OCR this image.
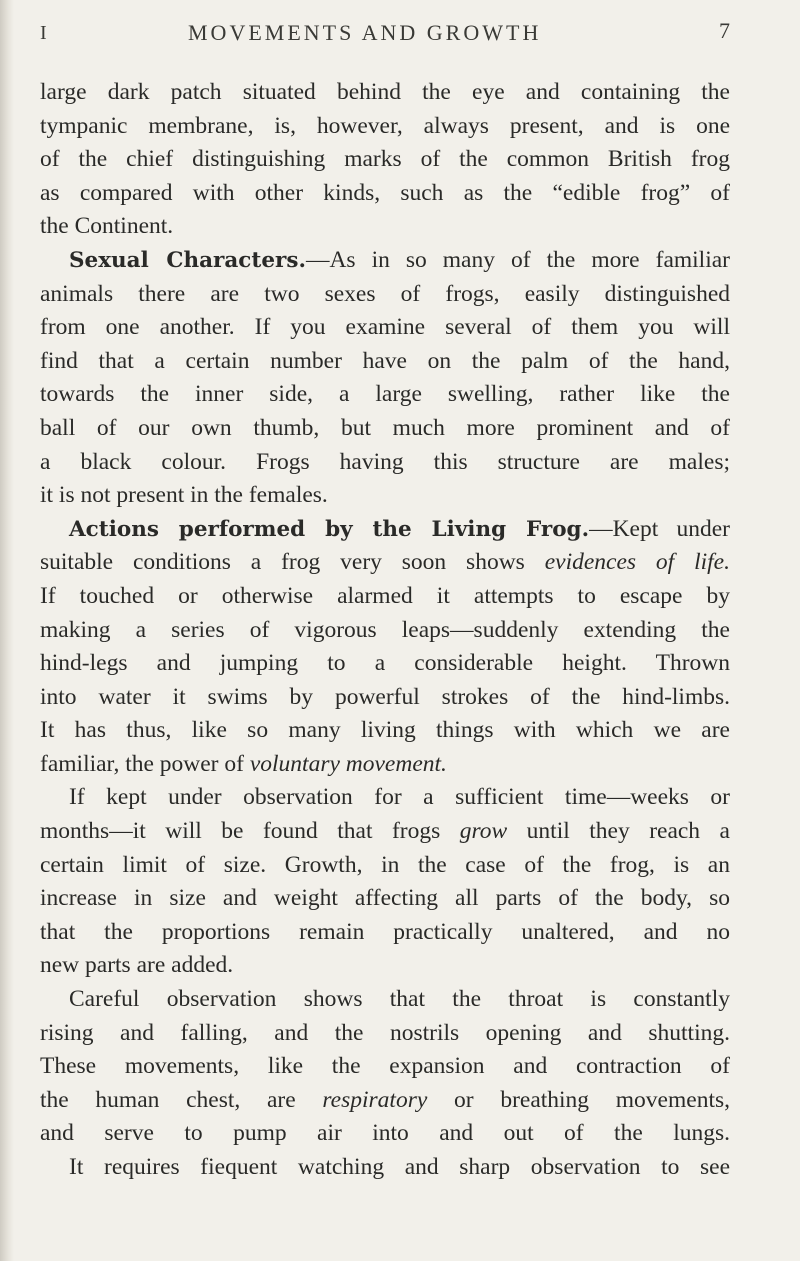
I	MOVEMENTS AND GROWTH	7
large dark patch situated behind the eye and containing the
tympanic membrane, is, however, always present, and is one
of the chief distinguishing marks of the common British frog
as compared with other kinds, such as the “edible frog” of
the Continent.
Sexual Characters.—As in so many of the more familiar
animals there are two sexes of frogs, easily distinguished
from one another. If you examine several of them you will
find that a certain number have on the palm of the hand,
towards the inner side, a large swelling, rather like the
ball of our own thumb, but much more prominent and of
a black colour. Frogs having this structure are males;
it is not present in the females.
Actions performed by the Living Frog.—Kept under
suitable conditions a frog very soon shows evidences of life.
If touched or otherwise alarmed it attempts to escape by
making a series of vigorous leaps—suddenly extending the
hind-legs and jumping to a considerable height. Thrown
into water it swims by powerful strokes of the hind-limbs.
It has thus, like so many living things with which we are
familiar, the power of voluntary movement.
If kept under observation for a sufficient time—weeks or
months—it will be found that frogs grow until they reach a
certain limit of size. Growth, in the case of the frog, is an
increase in size and weight affecting all parts of the body, so
that the proportions remain practically unaltered, and no
new parts are added.
Careful observation shows that the throat is constantly
rising and falling, and the nostrils opening and shutting.
These movements, like the expansion and contraction of
the human chest, are respiratory or breathing movements,
and serve to pump air into and out of the lungs.
It requires fiequent watching and sharp observation to see
